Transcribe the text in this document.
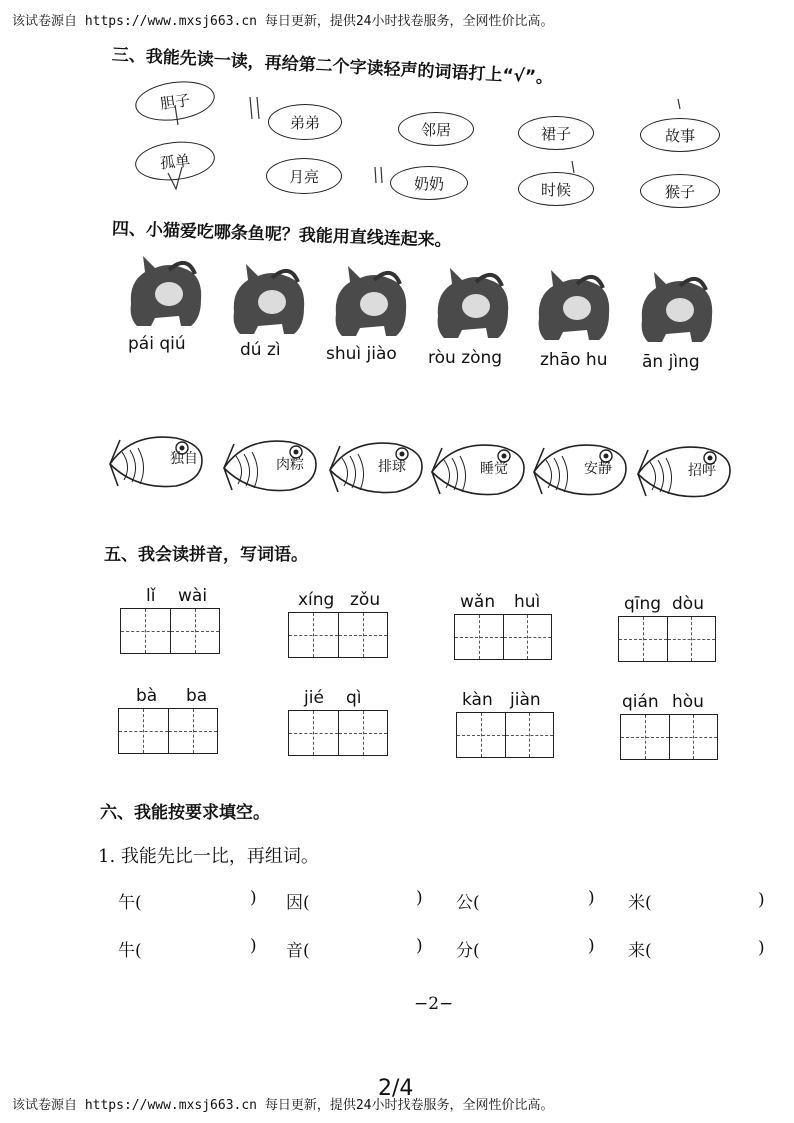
该试卷源自 https://www.mxsj663.cn 每日更新，提供24小时找卷服务，全网性价比高。
三、我能先读一读，再给第二个字读轻声的词语打上“√”。
胆子
弟弟	邻居	裙子	故事
孤单
月亮	奶奶	时候	猴子
四、小猫爱吃哪条鱼呢？我能用直线连起来。
pái qiú	dú zì	shuì jiào ròu zòng zhāo hu ān jìng
独自	肉粽	排球	睡觉	安静	招呼
五、我会读拼音，写词语。
lǐ wài	xíng zǒu	wǎn huì	qīng dòu
bà ba	jié qì	kàn jiàn	qián hòu
六、我能按要求填空。
1. 我能先比一比，再组词。
午(	) 因(	) 公(	) 米(	)
牛(	) 音(	) 分(	) 来(	)
−2−
2/4
该试卷源自 https://www.mxsj663.cn 每日更新，提供24小时找卷服务，全网性价比高。
